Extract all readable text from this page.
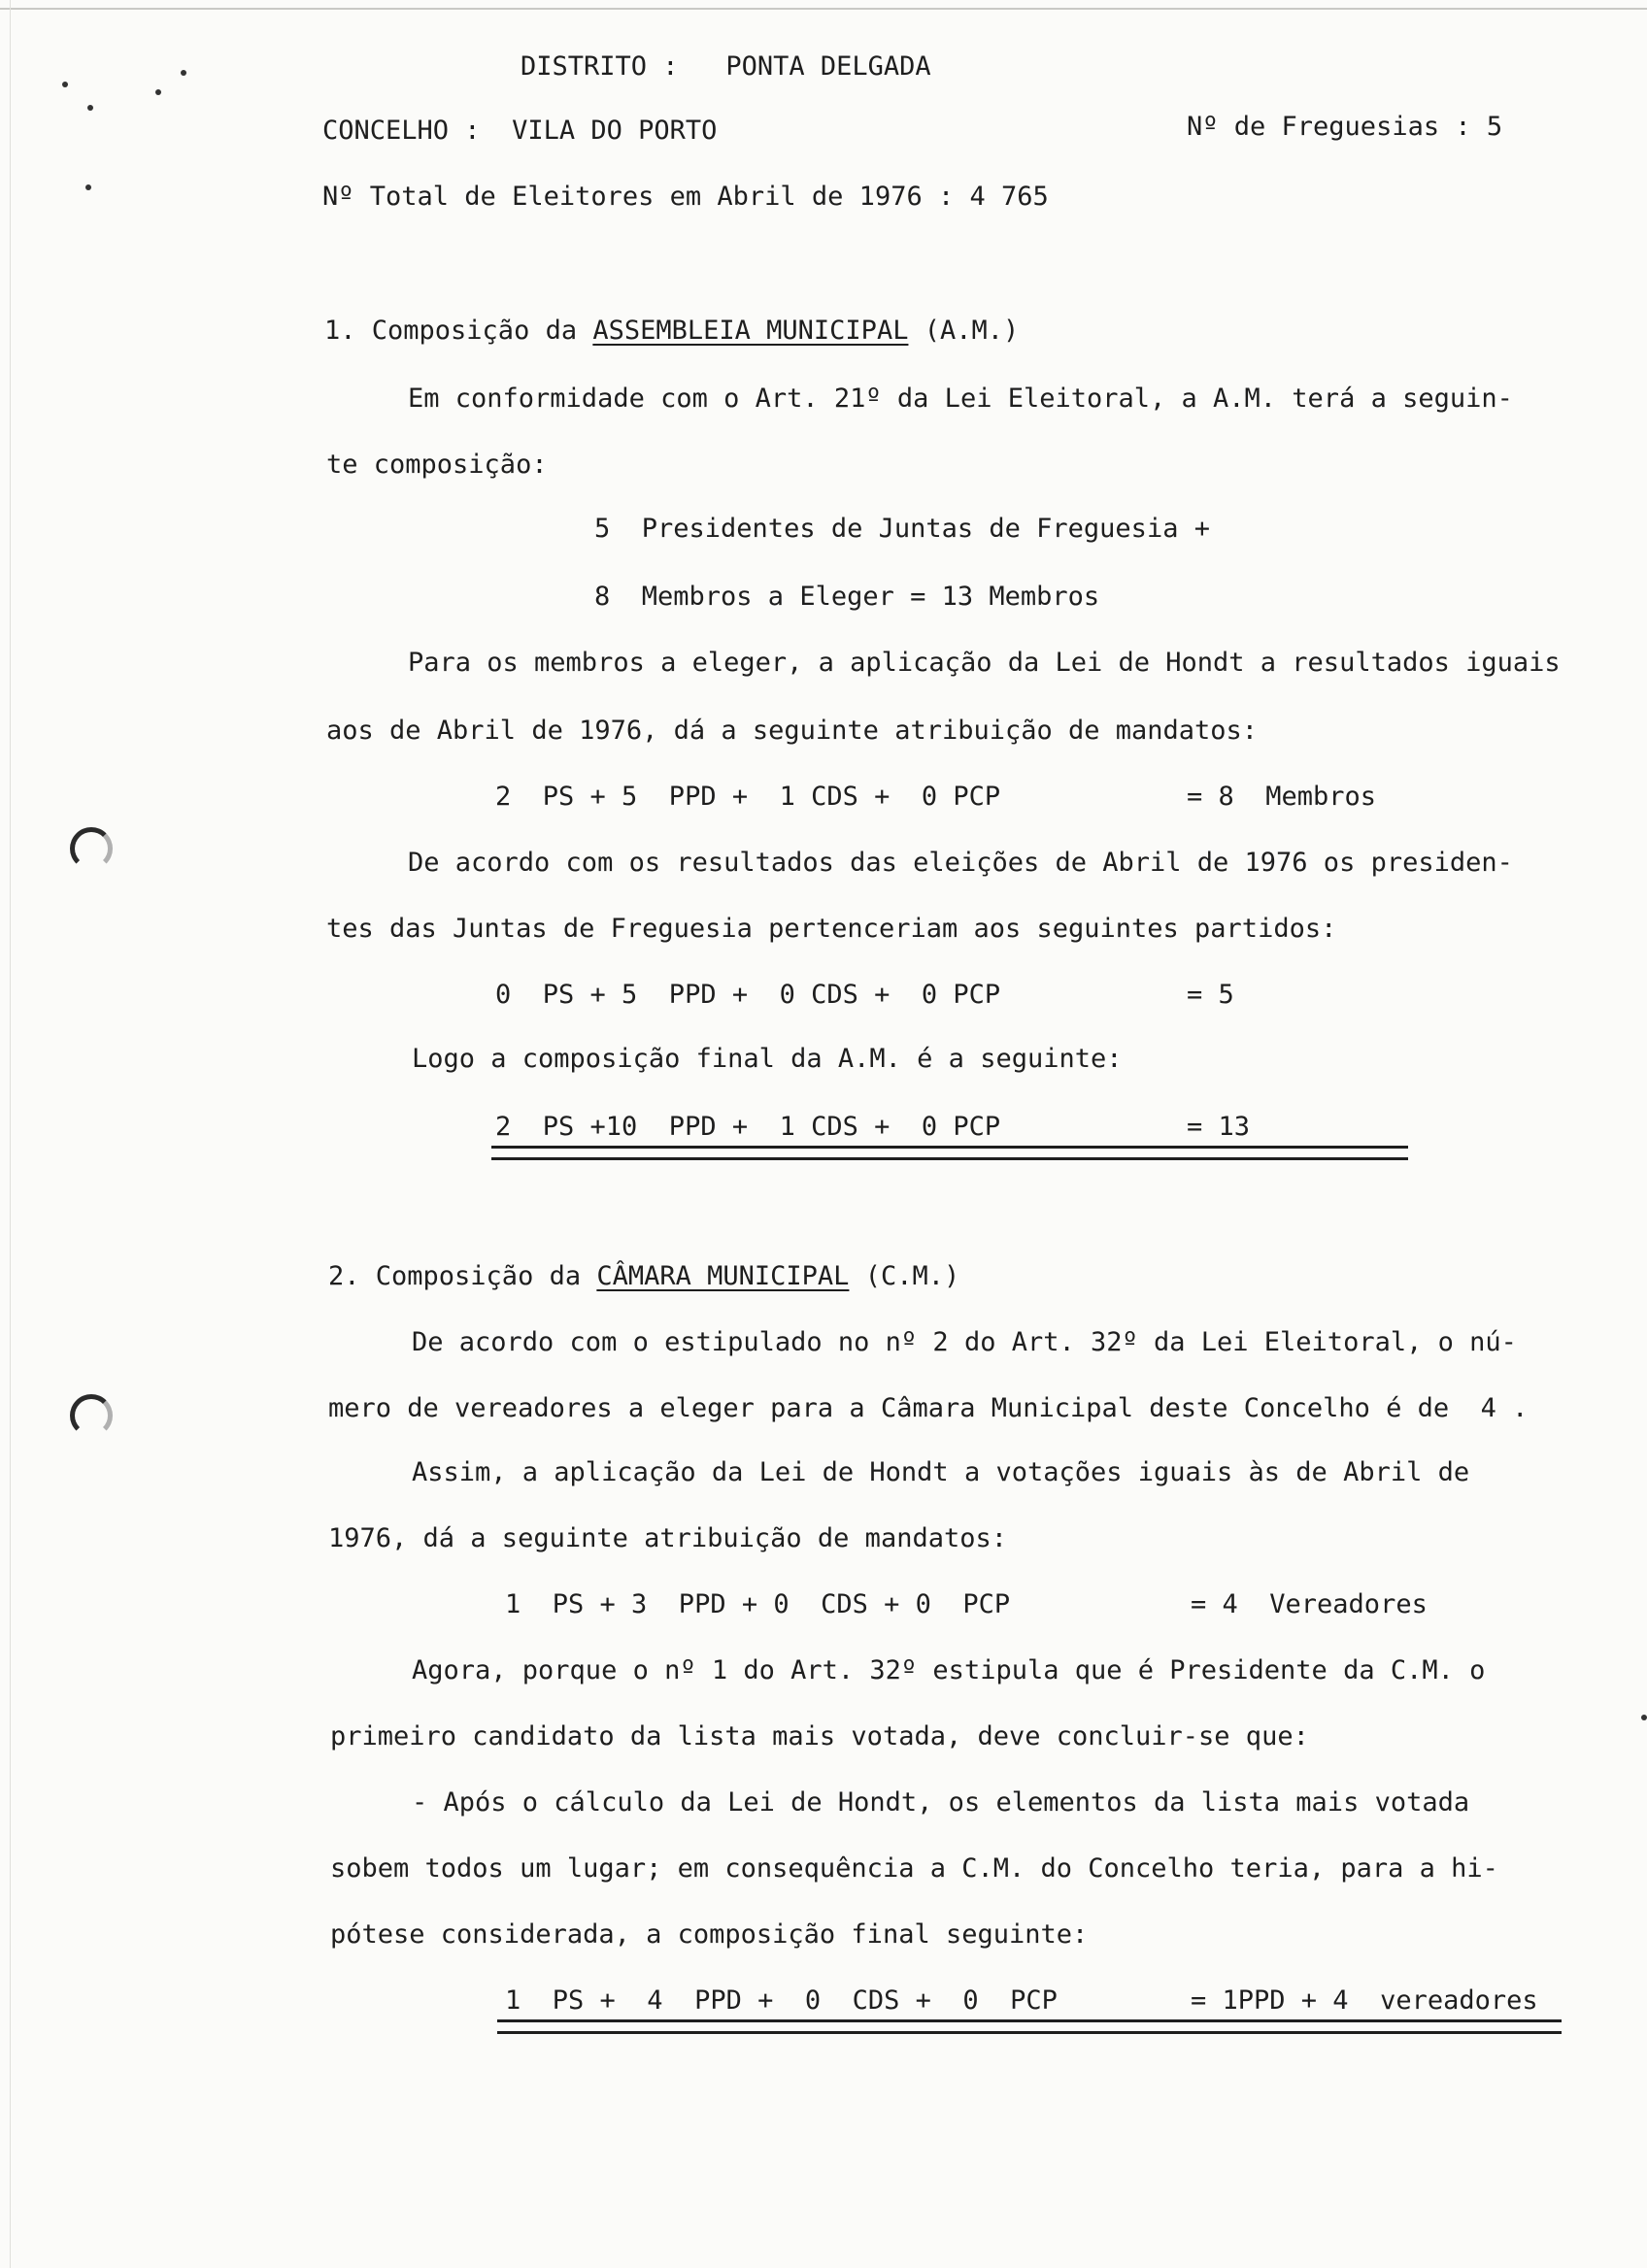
DISTRITO :   PONTA DELGADA
CONCELHO :  VILA DO PORTO	Nº de Freguesias : 5
Nº Total de Eleitores em Abril de 1976 : 4 765
1. Composição da ASSEMBLEIA MUNICIPAL (A.M.)
Em conformidade com o Art. 21º da Lei Eleitoral, a A.M. terá a seguin-
te composição:
5  Presidentes de Juntas de Freguesia +
8  Membros a Eleger = 13 Membros
Para os membros a eleger, a aplicação da Lei de Hondt a resultados iguais
aos de Abril de 1976, dá a seguinte atribuição de mandatos:
2  PS + 5  PPD +  1 CDS +  0 PCP	= 8  Membros
De acordo com os resultados das eleições de Abril de 1976 os presiden-
tes das Juntas de Freguesia pertenceriam aos seguintes partidos:
0  PS + 5  PPD +  0 CDS +  0 PCP	= 5
Logo a composição final da A.M. é a seguinte:
2  PS +10  PPD +  1 CDS +  0 PCP	= 13
2. Composição da CÂMARA MUNICIPAL (C.M.)
De acordo com o estipulado no nº 2 do Art. 32º da Lei Eleitoral, o nú-
mero de vereadores a eleger para a Câmara Municipal deste Concelho é de  4 .
Assim, a aplicação da Lei de Hondt a votações iguais às de Abril de
1976, dá a seguinte atribuição de mandatos:
1  PS + 3  PPD + 0  CDS + 0  PCP	= 4  Vereadores
Agora, porque o nº 1 do Art. 32º estipula que é Presidente da C.M. o
primeiro candidato da lista mais votada, deve concluir-se que:
- Após o cálculo da Lei de Hondt, os elementos da lista mais votada
sobem todos um lugar; em consequência a C.M. do Concelho teria, para a hi-
pótese considerada, a composição final seguinte:
1  PS +  4  PPD +  0  CDS +  0  PCP	= 1PPD + 4  vereadores
